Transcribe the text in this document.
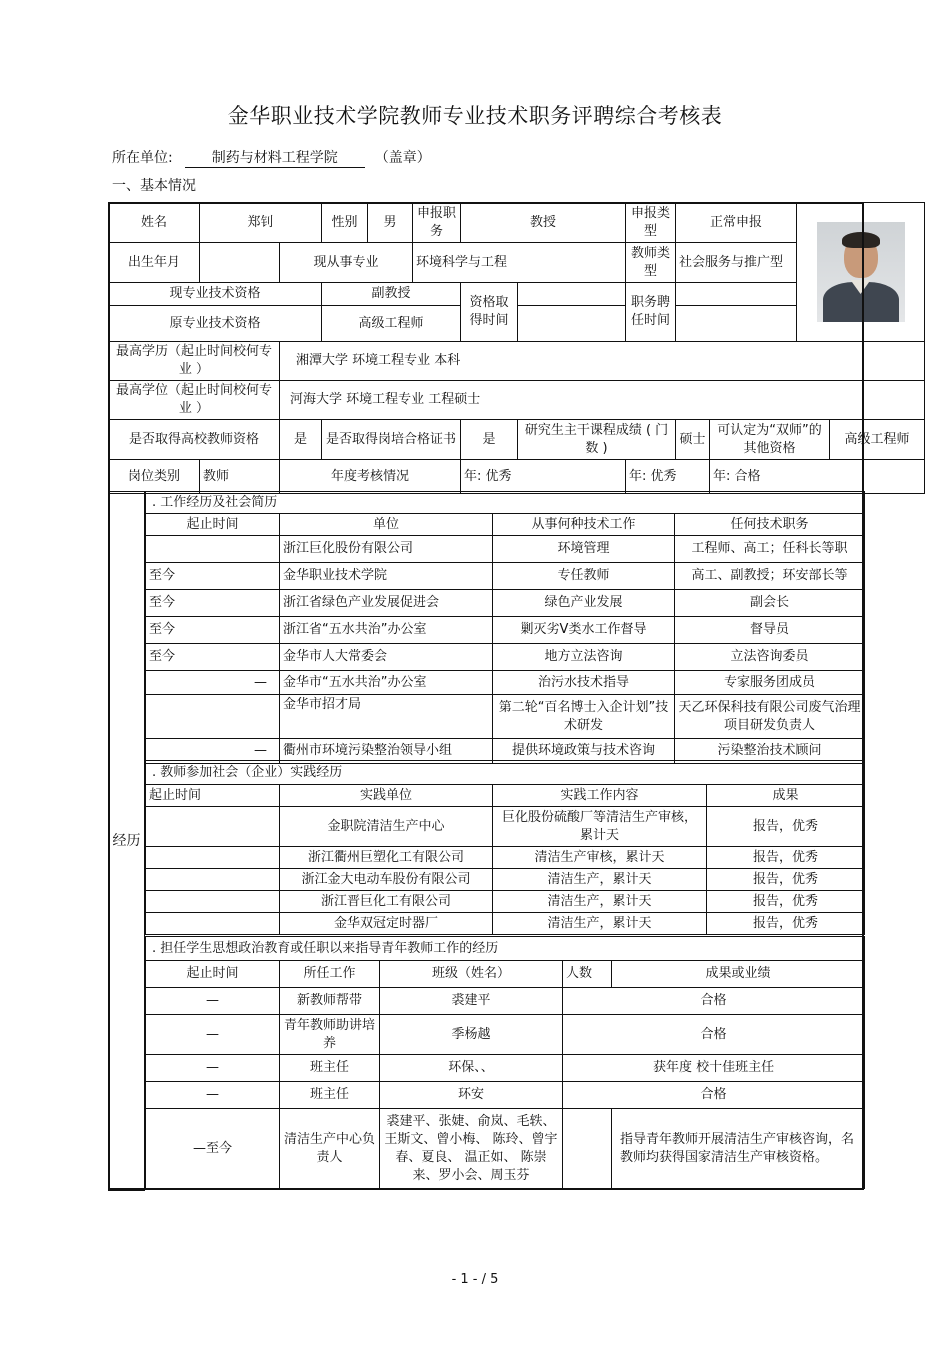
金华职业技术学院教师专业技术职务评聘综合考核表
所在单位:	制药与材料工程学院	（盖章）
一、基本情况
姓名	郑钊		性别	男	申报职务	教授		申报类型	正常申报			

出生年月		现从事专业			环境科学与工程			教师类型	社会服务与推广型			
现专业技术资格			副教授			资格取得时间		职务聘任时间				
原专业技术资格			高级工程师									
最高学历（起止时间校何专业 ）		湘潭大学 环境工程专业 本科										
最高学位（起止时间校何专业 ）		河海大学 环境工程专业 工程硕士										
是否取得高校教师资格		是	是否取得岗培合格证书			是	研究生主干课程成绩 ( 门数 )		硕士	可认定为“双师”的其他资格		高级工程师
岗位类别	教师	年度考核情况				年: 优秀		年: 优秀		年: 合格		
经历
. 工作经历及社会简历			
起止时间	单位	从事何种技术工作	任何技术职务
	浙江巨化股份有限公司	环境管理	工程师、高工；任科长等职
至今	金华职业技术学院	专任教师	高工、副教授；环安部长等
至今	浙江省绿色产业发展促进会	绿色产业发展	副会长
至今	浙江省“五水共治”办公室	剿灭劣Ⅴ类水工作督导	督导员
至今	金华市人大常委会	地方立法咨询	立法咨询委员
—	金华市“五水共治”办公室	治污水技术指导	专家服务团成员
	金华市招才局	第二轮“百名博士入企计划”技术研发	天乙环保科技有限公司废气治理项目研发负责人
—	衢州市环境污染整治领导小组	提供环境政策与技术咨询	污染整治技术顾问
. 教师参加社会（企业）实践经历			
起止时间	实践单位	实践工作内容	成果
	金职院清洁生产中心	巨化股份硫酸厂等清洁生产审核，累计天	报告，优秀
	浙江衢州巨塑化工有限公司	清洁生产审核，累计天	报告，优秀
	浙江金大电动车股份有限公司	清洁生产，累计天	报告，优秀
	浙江晋巨化工有限公司	清洁生产，累计天	报告，优秀
	金华双冠定时器厂	清洁生产，累计天	报告，优秀
. 担任学生思想政治教育或任职以来指导青年教师工作的经历				
起止时间	所任工作	班级（姓名）	人数	成果或业绩
—	新教师帮带	裘建平	合格	
—	青年教师助讲培养	季杨越	合格	
—	班主任	环保、、	获年度 校十佳班主任	
—	班主任	环安	合格	
—至今	清洁生产中心负责人	裘建平、张婕、俞岚、毛轶、王斯文、曾小梅、 陈玲、曾宇春、夏良、 温正如、 陈崇来、罗小会、周玉芬		指导青年教师开展清洁生产审核咨询，名教师均获得国家清洁生产审核资格。
- 1 - / 5
